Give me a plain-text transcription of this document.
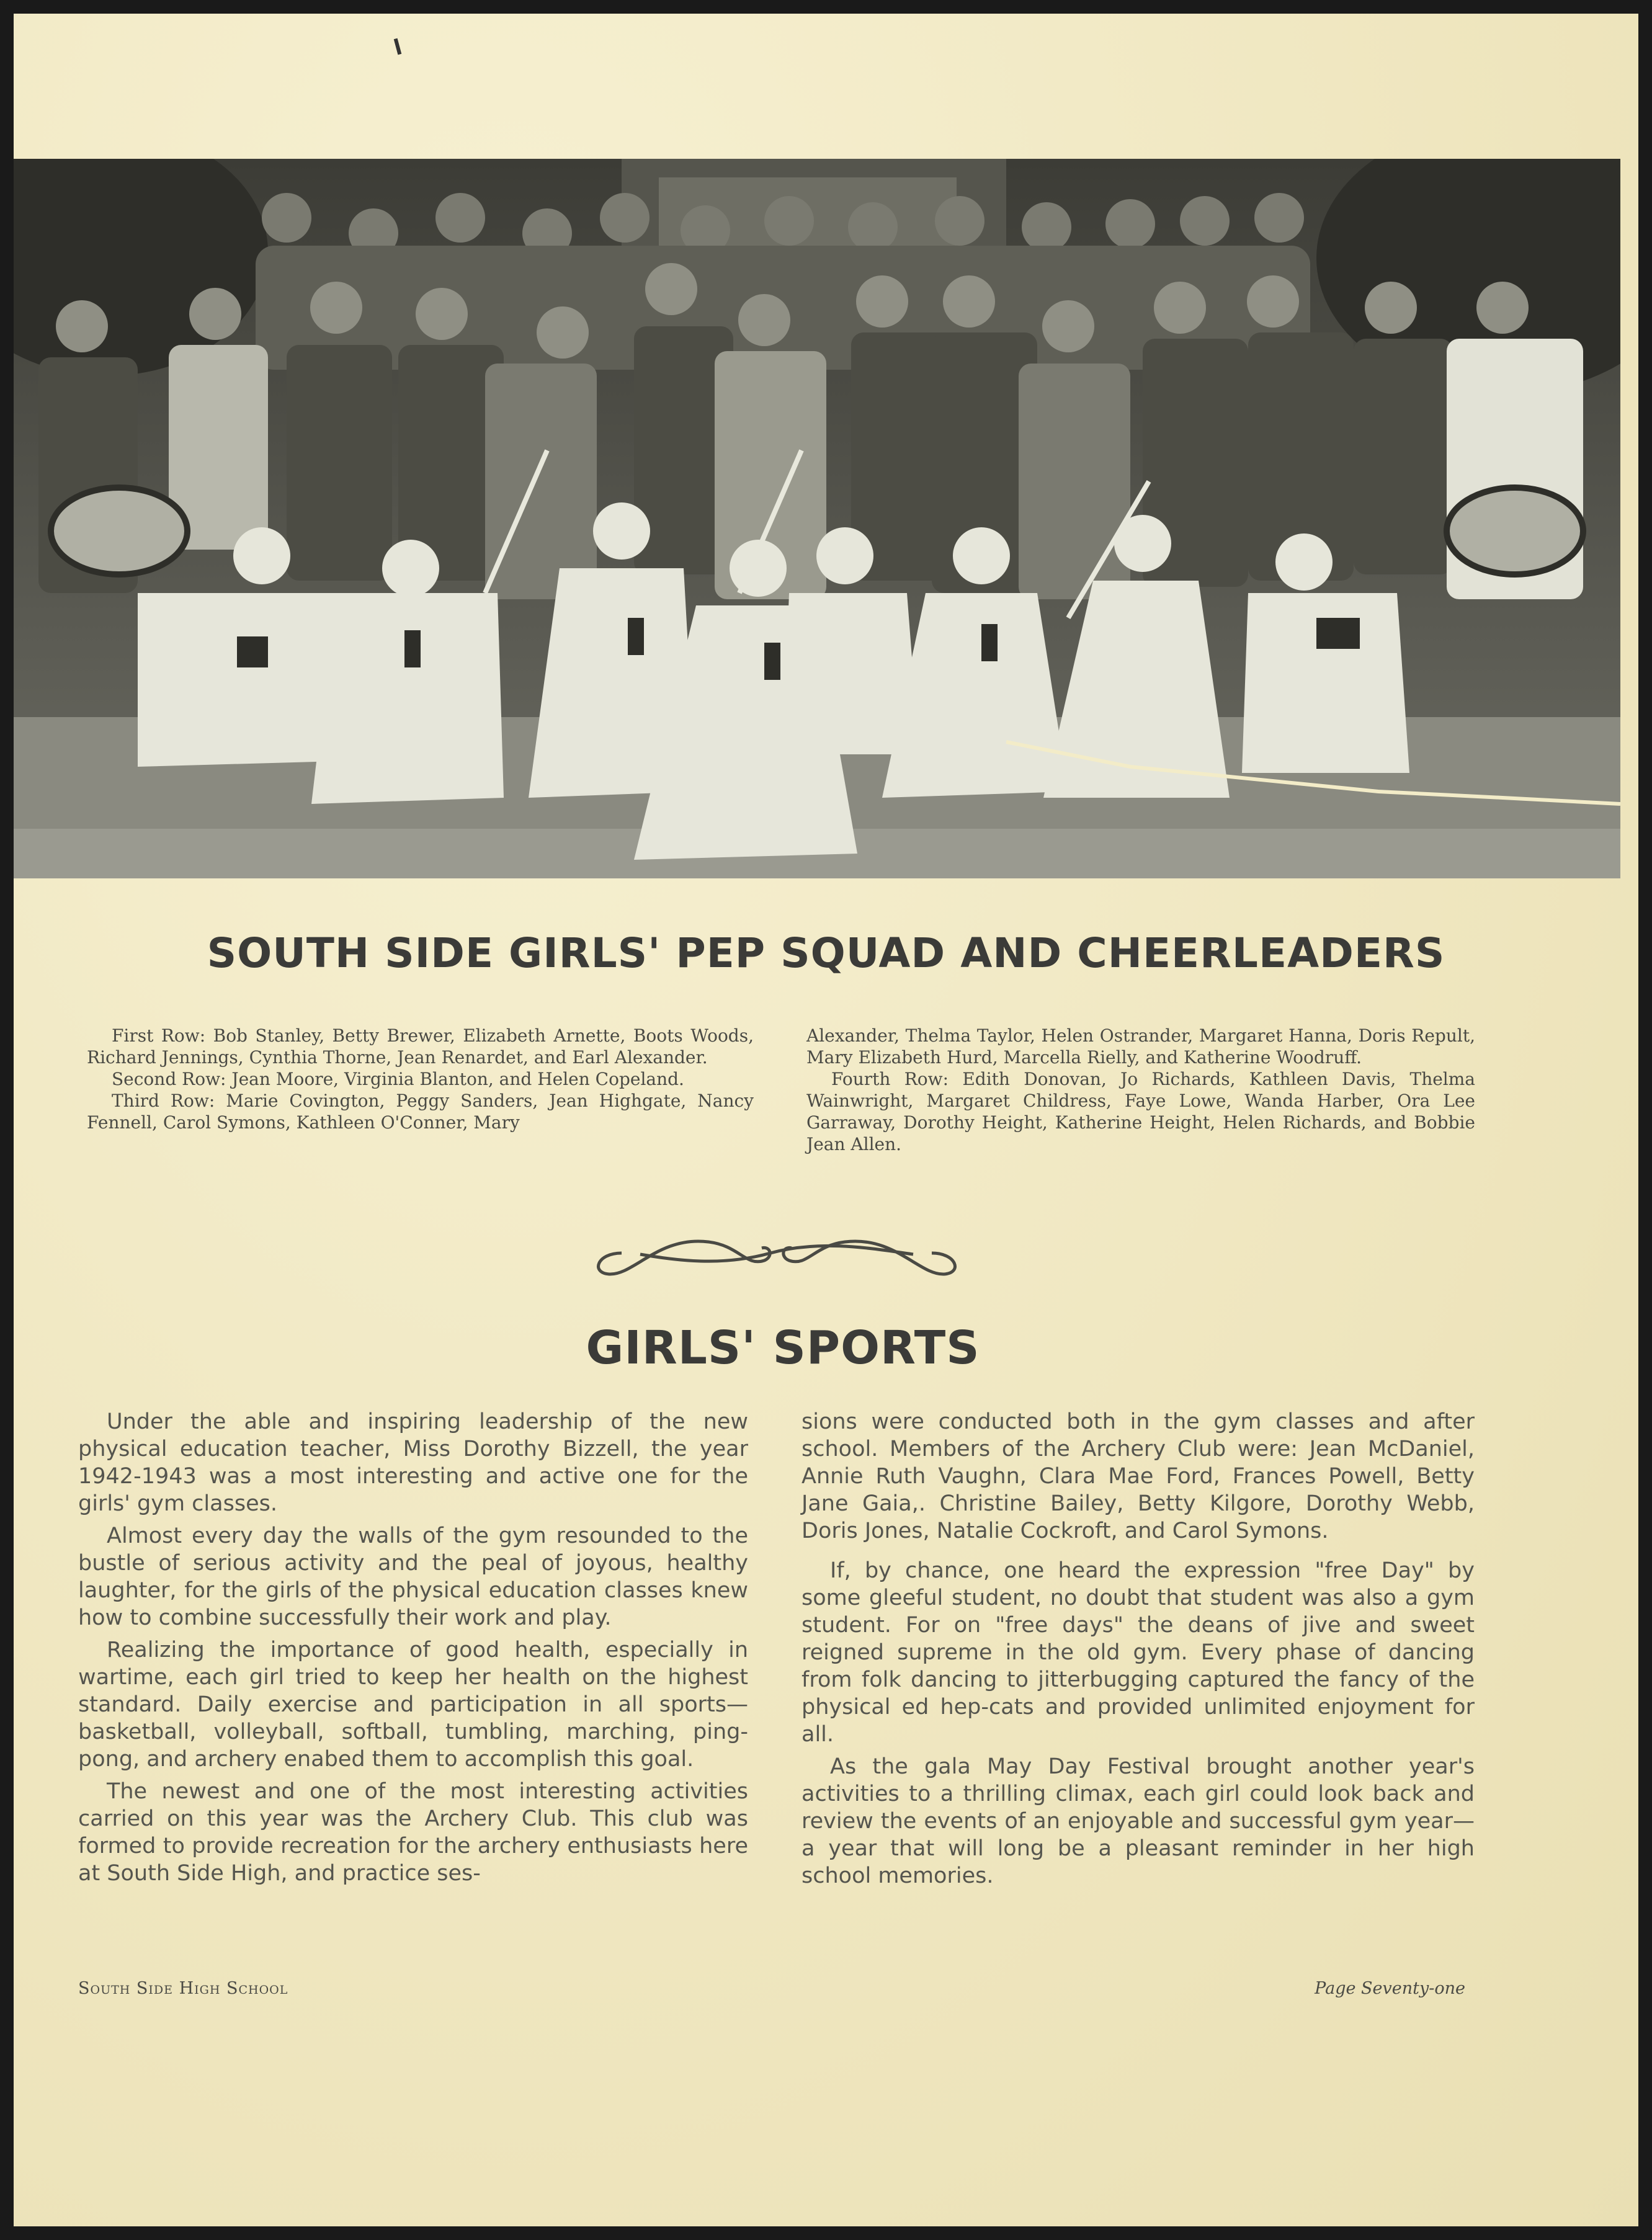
SOUTH SIDE GIRLS' PEP SQUAD AND CHEERLEADERS

First Row: Bob Stanley, Betty Brewer, Elizabeth Arnette, Boots Woods, Richard Jennings, Cynthia Thorne, Jean Renardet, and Earl Alexander.

Second Row: Jean Moore, Virginia Blanton, and Helen Copeland.

Third Row: Marie Covington, Peggy Sanders, Jean Highgate, Nancy Fennell, Carol Symons, Kathleen O'Conner, Mary

Alexander, Thelma Taylor, Helen Ostrander, Margaret Hanna, Doris Repult, Mary Elizabeth Hurd, Marcella Rielly, and Katherine Woodruff.

Fourth Row: Edith Donovan, Jo Richards, Kathleen Davis, Thelma Wainwright, Margaret Childress, Faye Lowe, Wanda Harber, Ora Lee Garraway, Dorothy Height, Katherine Height, Helen Richards, and Bobbie Jean Allen.

GIRLS' SPORTS

Under the able and inspiring leadership of the new physical education teacher, Miss Dorothy Bizzell, the year 1942-1943 was a most interesting and active one for the girls' gym classes.

Almost every day the walls of the gym resounded to the bustle of serious activity and the peal of joyous, healthy laughter, for the girls of the physical education classes knew how to combine successfully their work and play.

Realizing the importance of good health, especially in wartime, each girl tried to keep her health on the highest standard. Daily exercise and participation in all sports—basketball, volleyball, softball, tumbling, marching, ping-pong, and archery enabed them to accomplish this goal.

The newest and one of the most interesting activities carried on this year was the Archery Club. This club was formed to provide recreation for the archery enthusiasts here at South Side High, and practice ses-

sions were conducted both in the gym classes and after school. Members of the Archery Club were: Jean McDaniel, Annie Ruth Vaughn, Clara Mae Ford, Frances Powell, Betty Jane Gaia,. Christine Bailey, Betty Kilgore, Dorothy Webb, Doris Jones, Natalie Cockroft, and Carol Symons.

If, by chance, one heard the expression "free Day" by some gleeful student, no doubt that student was also a gym student. For on "free days" the deans of jive and sweet reigned supreme in the old gym. Every phase of dancing from folk dancing to jitterbugging captured the fancy of the physical ed hep-cats and provided unlimited enjoyment for all.

As the gala May Day Festival brought another year's activities to a thrilling climax, each girl could look back and review the events of an enjoyable and successful gym year—a year that will long be a pleasant reminder in her high school memories.

South Side High School	Page Seventy-one
